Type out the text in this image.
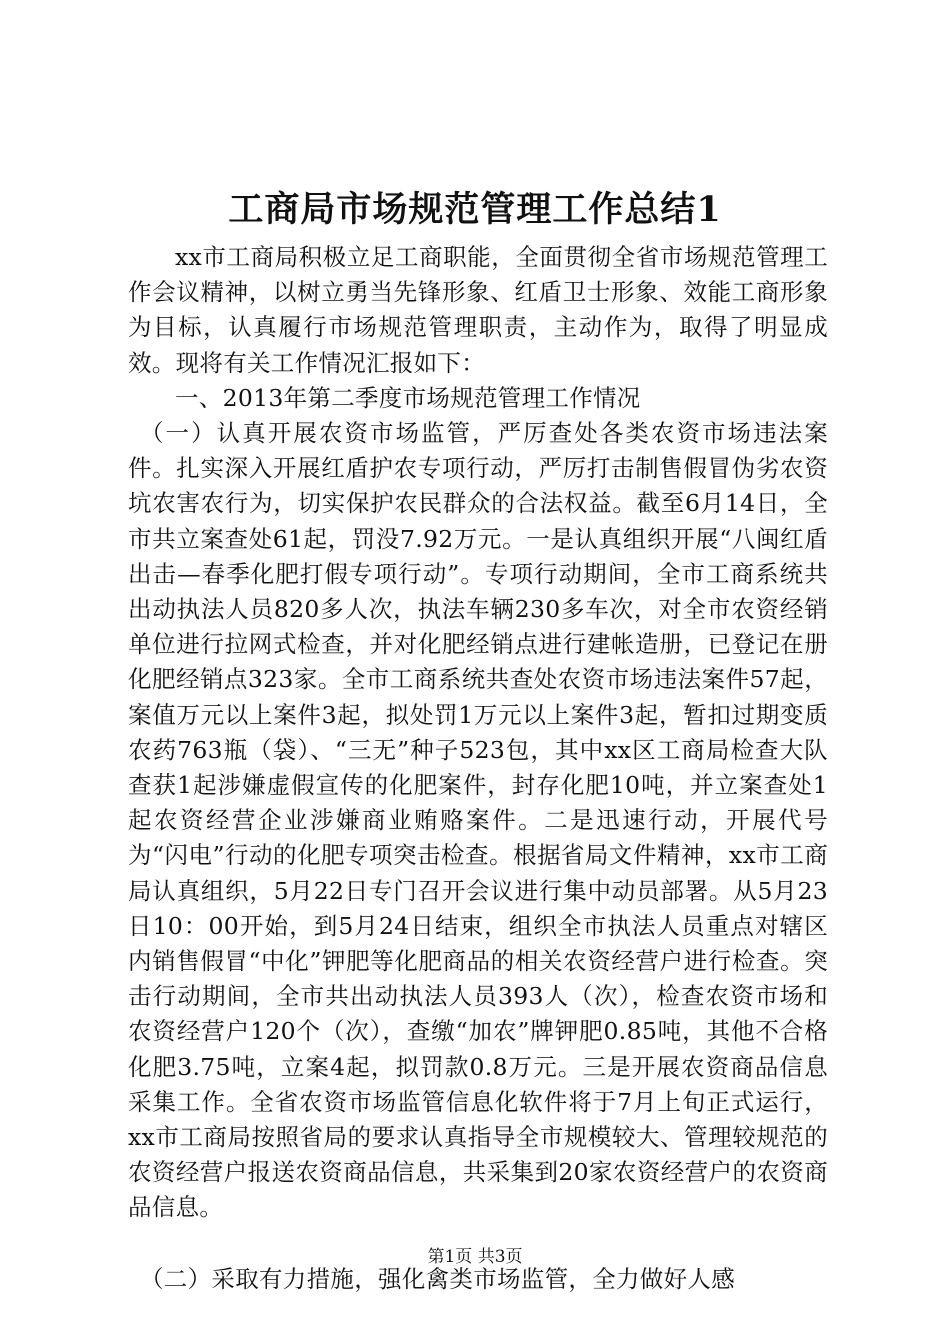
工商局市场规范管理工作总结1

xx市工商局积极立足工商职能，全面贯彻全省市场规范管理工作会议精神，以树立勇当先锋形象、红盾卫士形象、效能工商形象为目标，认真履行市场规范管理职责，主动作为，取得了明显成效。现将有关工作情况汇报如下：

一、2013年第二季度市场规范管理工作情况

（一）认真开展农资市场监管，严厉查处各类农资市场违法案件。扎实深入开展红盾护农专项行动，严厉打击制售假冒伪劣农资坑农害农行为，切实保护农民群众的合法权益。截至6月14日，全市共立案查处61起，罚没7.92万元。一是认真组织开展“八闽红盾出击—春季化肥打假专项行动”。专项行动期间，全市工商系统共出动执法人员820多人次，执法车辆230多车次，对全市农资经销单位进行拉网式检查，并对化肥经销点进行建帐造册，已登记在册化肥经销点323家。全市工商系统共查处农资市场违法案件57起，案值万元以上案件3起，拟处罚1万元以上案件3起，暂扣过期变质农药763瓶（袋）、“三无”种子523包，其中xx区工商局检查大队查获1起涉嫌虚假宣传的化肥案件，封存化肥10吨，并立案查处1起农资经营企业涉嫌商业贿赂案件。二是迅速行动，开展代号为“闪电”行动的化肥专项突击检查。根据省局文件精神，xx市工商局认真组织，5月22日专门召开会议进行集中动员部署。从5月23日10：00开始，到5月24日结束，组织全市执法人员重点对辖区内销售假冒“中化”钾肥等化肥商品的相关农资经营户进行检查。突击行动期间，全市共出动执法人员393人（次），检查农资市场和农资经营户120个（次），查缴“加农”牌钾肥0.85吨，其他不合格化肥3.75吨，立案4起，拟罚款0.8万元。三是开展农资商品信息采集工作。全省农资市场监管信息化软件将于7月上旬正式运行，xx市工商局按照省局的要求认真指导全市规模较大、管理较规范的农资经营户报送农资商品信息，共采集到20家农资经营户的农资商品信息。

（二）采取有力措施，强化禽类市场监管，全力做好人感

第1页 共3页
